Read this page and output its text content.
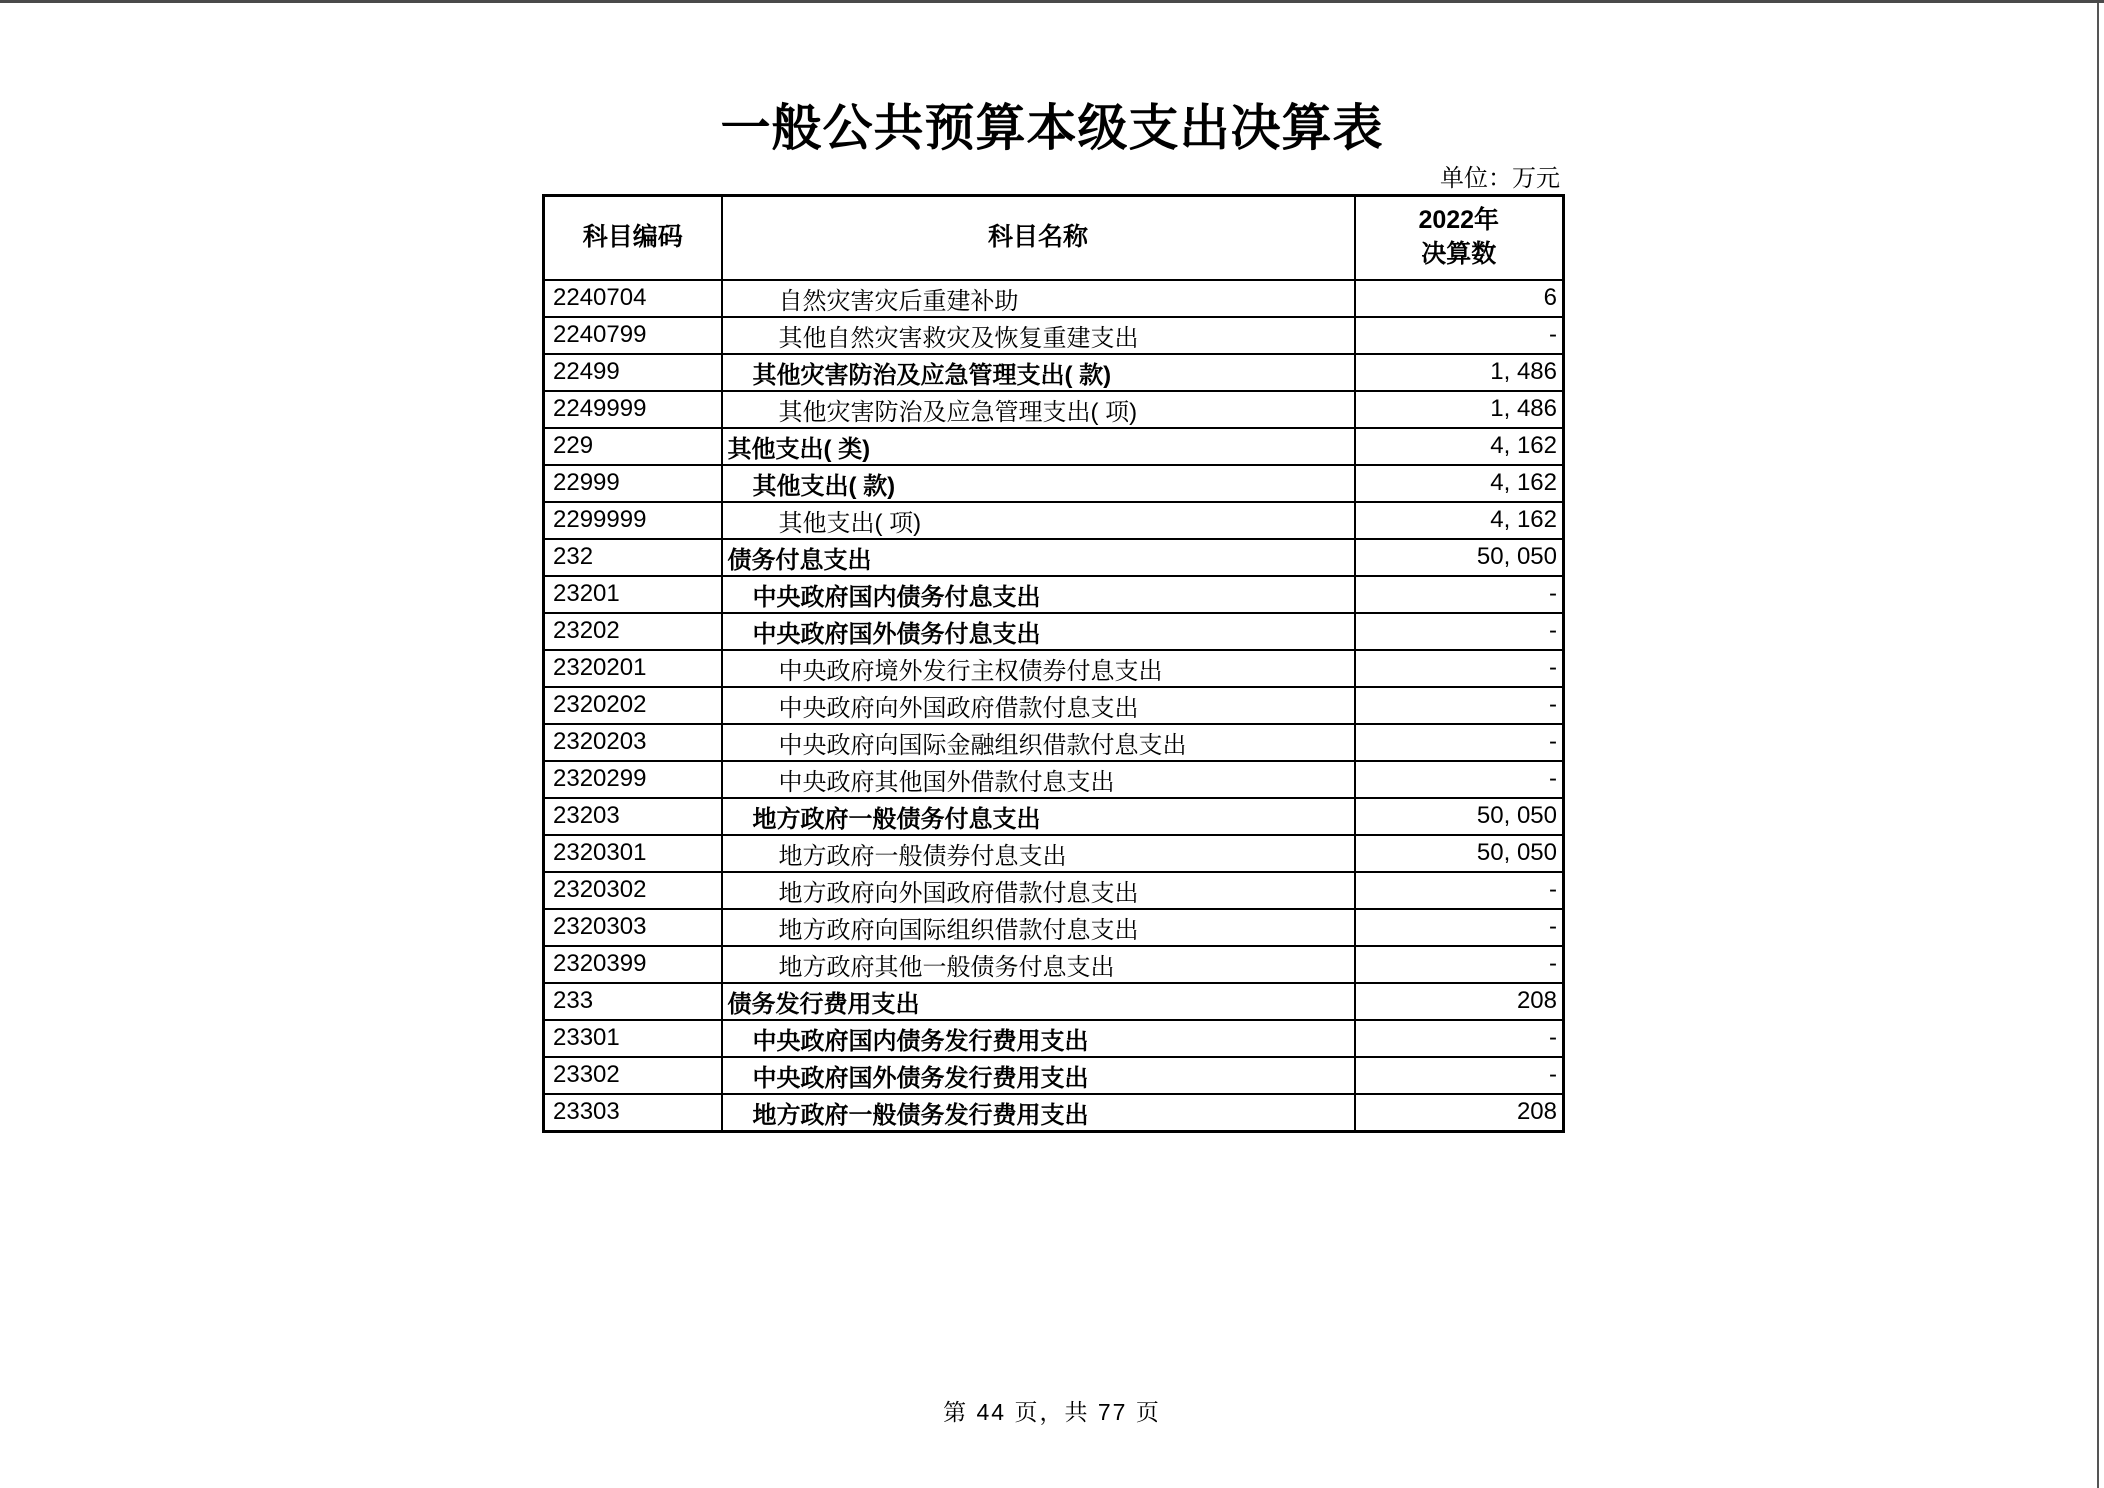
一般公共预算本级支出决算表
单位：万元
科目编码	科目名称	2022年
决算数
2240704	自然灾害灾后重建补助	6
2240799	其他自然灾害救灾及恢复重建支出	-
22499	其他灾害防治及应急管理支出( 款)	1, 486
2249999	其他灾害防治及应急管理支出( 项)	1, 486
229	其他支出( 类)	4, 162
22999	其他支出( 款)	4, 162
2299999	其他支出( 项)	4, 162
232	债务付息支出	50, 050
23201	中央政府国内债务付息支出	-
23202	中央政府国外债务付息支出	-
2320201	中央政府境外发行主权债券付息支出	-
2320202	中央政府向外国政府借款付息支出	-
2320203	中央政府向国际金融组织借款付息支出	-
2320299	中央政府其他国外借款付息支出	-
23203	地方政府一般债务付息支出	50, 050
2320301	地方政府一般债券付息支出	50, 050
2320302	地方政府向外国政府借款付息支出	-
2320303	地方政府向国际组织借款付息支出	-
2320399	地方政府其他一般债务付息支出	-
233	债务发行费用支出	208
23301	中央政府国内债务发行费用支出	-
23302	中央政府国外债务发行费用支出	-
23303	地方政府一般债务发行费用支出	208
第 44 页，共 77 页
